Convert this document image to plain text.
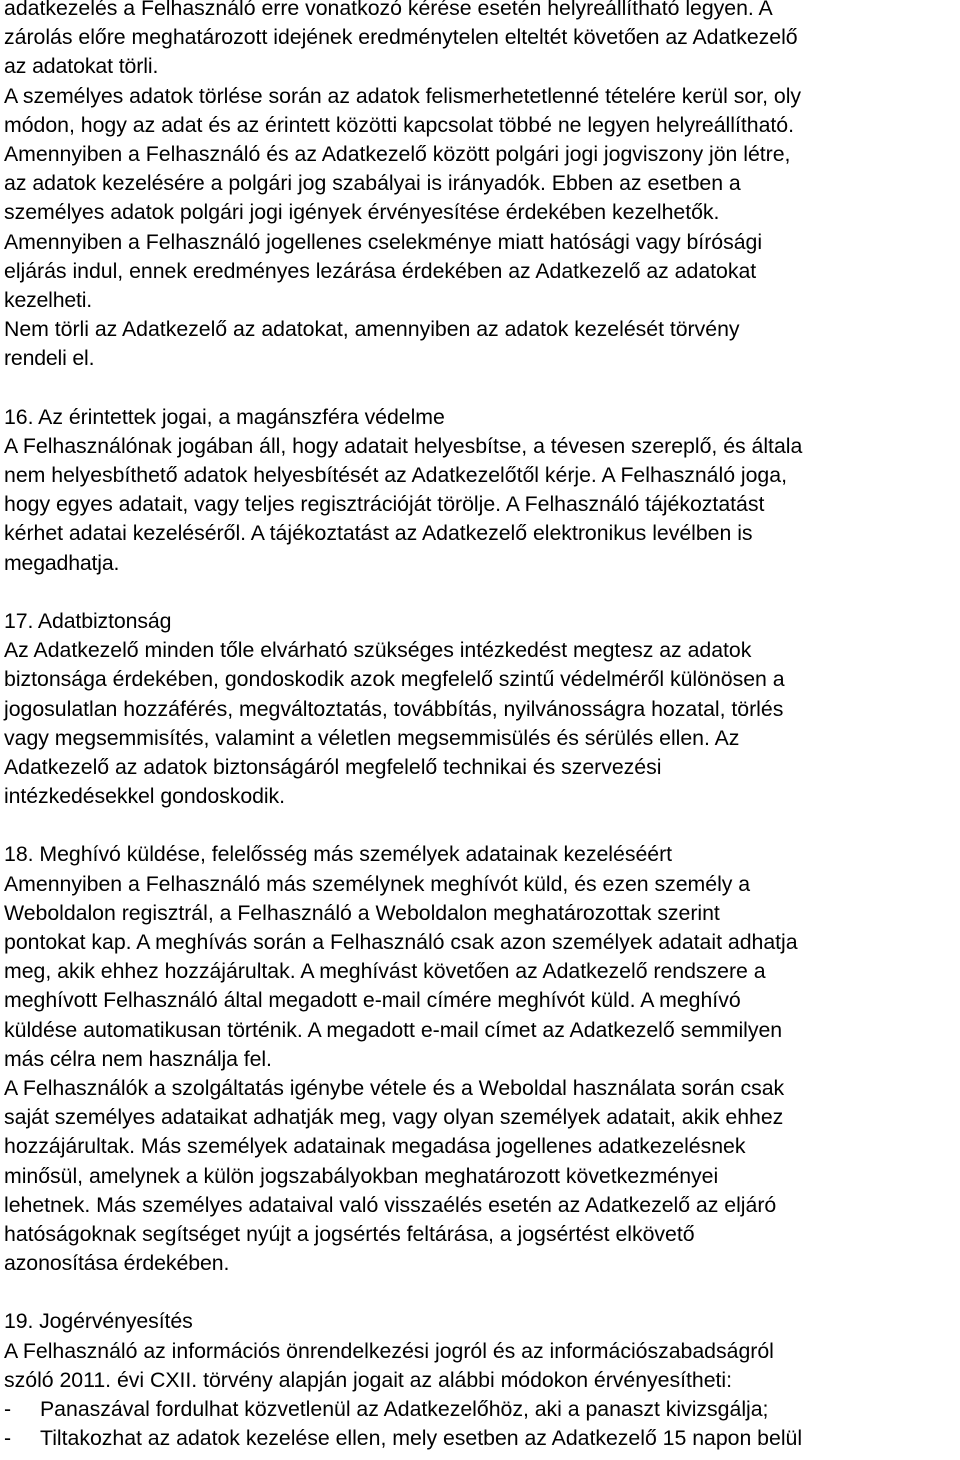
adatkezelés a Felhasználó erre vonatkozó kérése esetén helyreállítható legyen. A
zárolás előre meghatározott idejének eredménytelen elteltét követően az Adatkezelő
az adatokat törli.
A személyes adatok törlése során az adatok felismerhetetlenné tételére kerül sor, oly
módon, hogy az adat és az érintett közötti kapcsolat többé ne legyen helyreállítható.
Amennyiben a Felhasználó és az Adatkezelő között polgári jogi jogviszony jön létre,
az adatok kezelésére a polgári jog szabályai is irányadók. Ebben az esetben a
személyes adatok polgári jogi igények érvényesítése érdekében kezelhetők.
Amennyiben a Felhasználó jogellenes cselekménye miatt hatósági vagy bírósági
eljárás indul, ennek eredményes lezárása érdekében az Adatkezelő az adatokat
kezelheti.
Nem törli az Adatkezelő az adatokat, amennyiben az adatok kezelését törvény
rendeli el.
16. Az érintettek jogai, a magánszféra védelme
A Felhasználónak jogában áll, hogy adatait helyesbítse, a tévesen szereplő, és általa
nem helyesbíthető adatok helyesbítését az Adatkezelőtől kérje. A Felhasználó joga,
hogy egyes adatait, vagy teljes regisztrációját törölje. A Felhasználó tájékoztatást
kérhet adatai kezeléséről. A tájékoztatást az Adatkezelő elektronikus levélben is
megadhatja.
17. Adatbiztonság
Az Adatkezelő minden tőle elvárható szükséges intézkedést megtesz az adatok
biztonsága érdekében, gondoskodik azok megfelelő szintű védelméről különösen a
jogosulatlan hozzáférés, megváltoztatás, továbbítás, nyilvánosságra hozatal, törlés
vagy megsemmisítés, valamint a véletlen megsemmisülés és sérülés ellen. Az
Adatkezelő az adatok biztonságáról megfelelő technikai és szervezési
intézkedésekkel gondoskodik.
18. Meghívó küldése, felelősség más személyek adatainak kezeléséért
Amennyiben a Felhasználó más személynek meghívót küld, és ezen személy a
Weboldalon regisztrál, a Felhasználó a Weboldalon meghatározottak szerint
pontokat kap. A meghívás során a Felhasználó csak azon személyek adatait adhatja
meg, akik ehhez hozzájárultak. A meghívást követően az Adatkezelő rendszere a
meghívott Felhasználó által megadott e-mail címére meghívót küld. A meghívó
küldése automatikusan történik. A megadott e-mail címet az Adatkezelő semmilyen
más célra nem használja fel.
A Felhasználók a szolgáltatás igénybe vétele és a Weboldal használata során csak
saját személyes adataikat adhatják meg, vagy olyan személyek adatait, akik ehhez
hozzájárultak. Más személyek adatainak megadása jogellenes adatkezelésnek
minősül, amelynek a külön jogszabályokban meghatározott következményei
lehetnek. Más személyes adataival való visszaélés esetén az Adatkezelő az eljáró
hatóságoknak segítséget nyújt a jogsértés feltárása, a jogsértést elkövető
azonosítása érdekében.
19. Jogérvényesítés
A Felhasználó az információs önrendelkezési jogról és az információszabadságról
szóló 2011. évi CXII. törvény alapján jogait az alábbi módokon érvényesítheti:
- Panaszával fordulhat közvetlenül az Adatkezelőhöz, aki a panaszt kivizsgálja;
- Tiltakozhat az adatok kezelése ellen, mely esetben az Adatkezelő 15 napon belül
